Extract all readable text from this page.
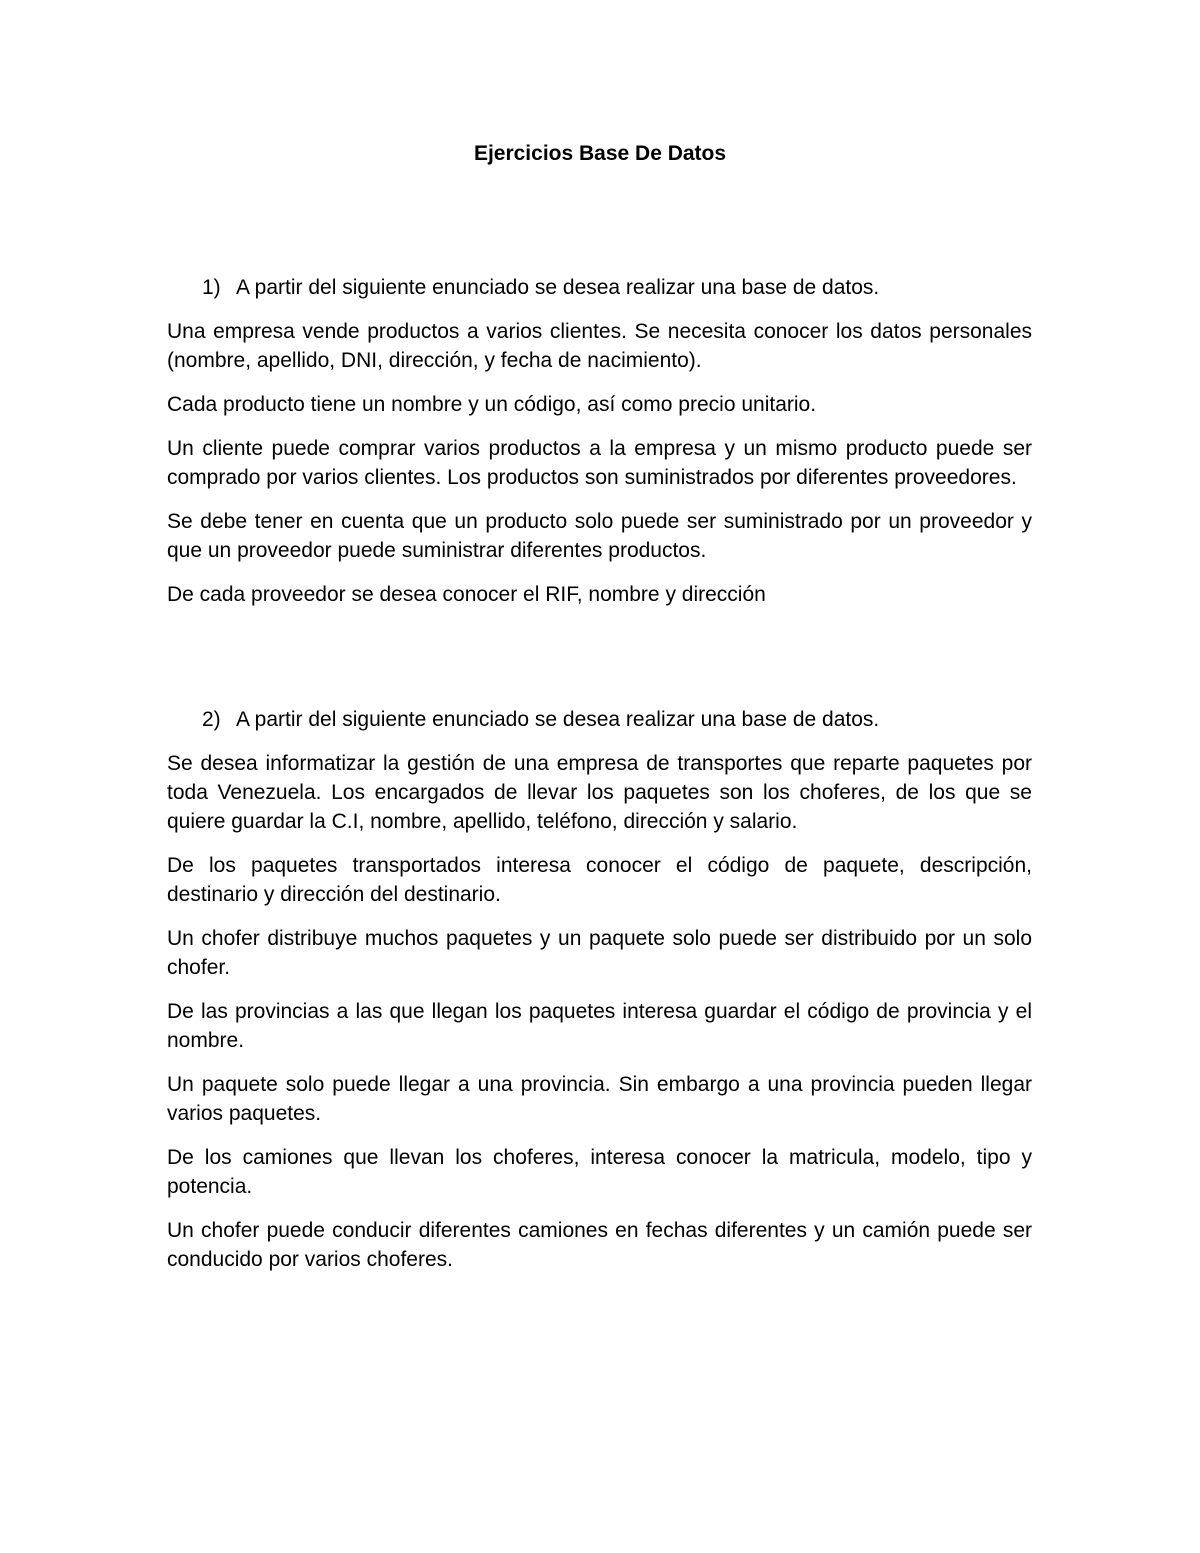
Ejercicios Base De Datos

1) A partir del siguiente enunciado se desea realizar una base de datos.

Una empresa vende productos a varios clientes. Se necesita conocer los datos personales (nombre, apellido, DNI, dirección, y fecha de nacimiento).

Cada producto tiene un nombre y un código, así como precio unitario.

Un cliente puede comprar varios productos a la empresa y un mismo producto puede ser comprado por varios clientes. Los productos son suministrados por diferentes proveedores.

Se debe tener en cuenta que un producto solo puede ser suministrado por un proveedor y que un proveedor puede suministrar diferentes productos.

De cada proveedor se desea conocer el RIF, nombre y dirección

2) A partir del siguiente enunciado se desea realizar una base de datos.

Se desea informatizar la gestión de una empresa de transportes que reparte paquetes por toda Venezuela. Los encargados de llevar los paquetes son los choferes, de los que se quiere guardar la C.I, nombre, apellido, teléfono, dirección y salario.

De los paquetes transportados interesa conocer el código de paquete, descripción, destinario y dirección del destinario.

Un chofer distribuye muchos paquetes y un paquete solo puede ser distribuido por un solo chofer.

De las provincias a las que llegan los paquetes interesa guardar el código de provincia y el nombre.

Un paquete solo puede llegar a una provincia. Sin embargo a una provincia pueden llegar varios paquetes.

De los camiones que llevan los choferes, interesa conocer la matricula, modelo, tipo y potencia.

Un chofer puede conducir diferentes camiones en fechas diferentes y un camión puede ser conducido por varios choferes.
